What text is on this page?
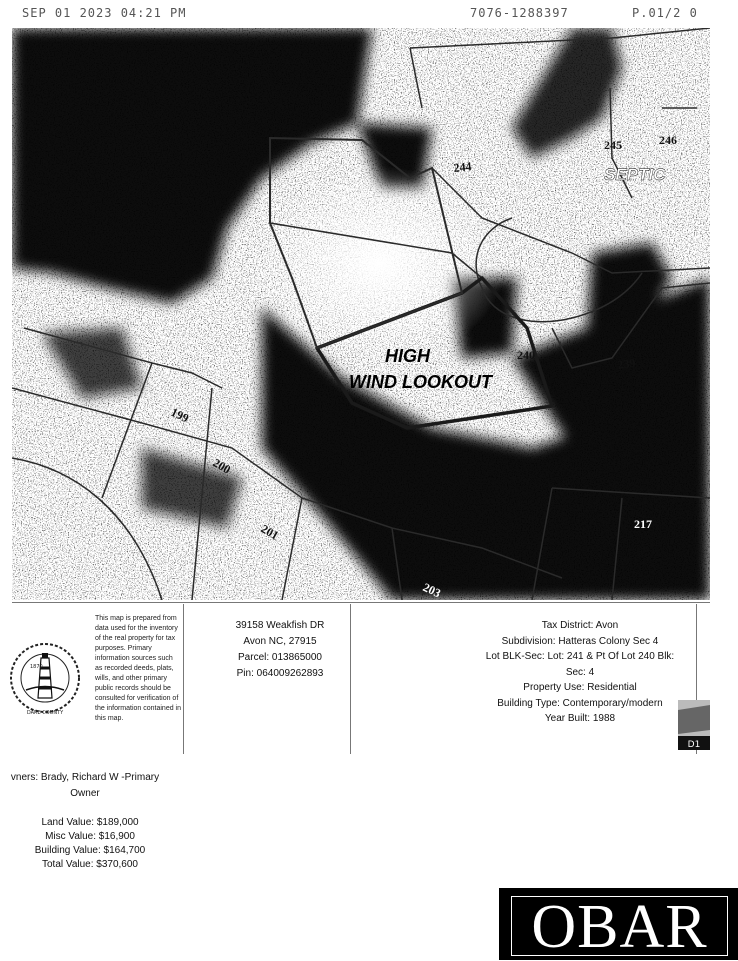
SEP 01 2023 04:21 PM	7076-1288397	P.01/2 0
244
245	246
240
239
199
200
201
203
217
SEPTIC
HIGH
WIND LOOKOUT
DARE COUNTY
1870
This map is prepared from data used for the inventory of the real property for tax purposes. Primary information sources such as recorded deeds, plats, wills, and other primary public records should be consulted for verification of the information contained in this map.
39158 Weakfish DR
Avon NC, 27915
Parcel: 013865000
Pin: 064009262893
Tax District: Avon
Subdivision: Hatteras Colony Sec 4
Lot BLK-Sec: Lot: 241 & Pt Of Lot 240 Blk:
Sec: 4
Property Use: Residential
Building Type: Contemporary/modern
Year Built: 1988
D1
vners: Brady, Richard W -Primary
Owner
Land Value: $189,000
Misc Value: $16,900
Building Value: $164,700
Total Value: $370,600
OBAR
